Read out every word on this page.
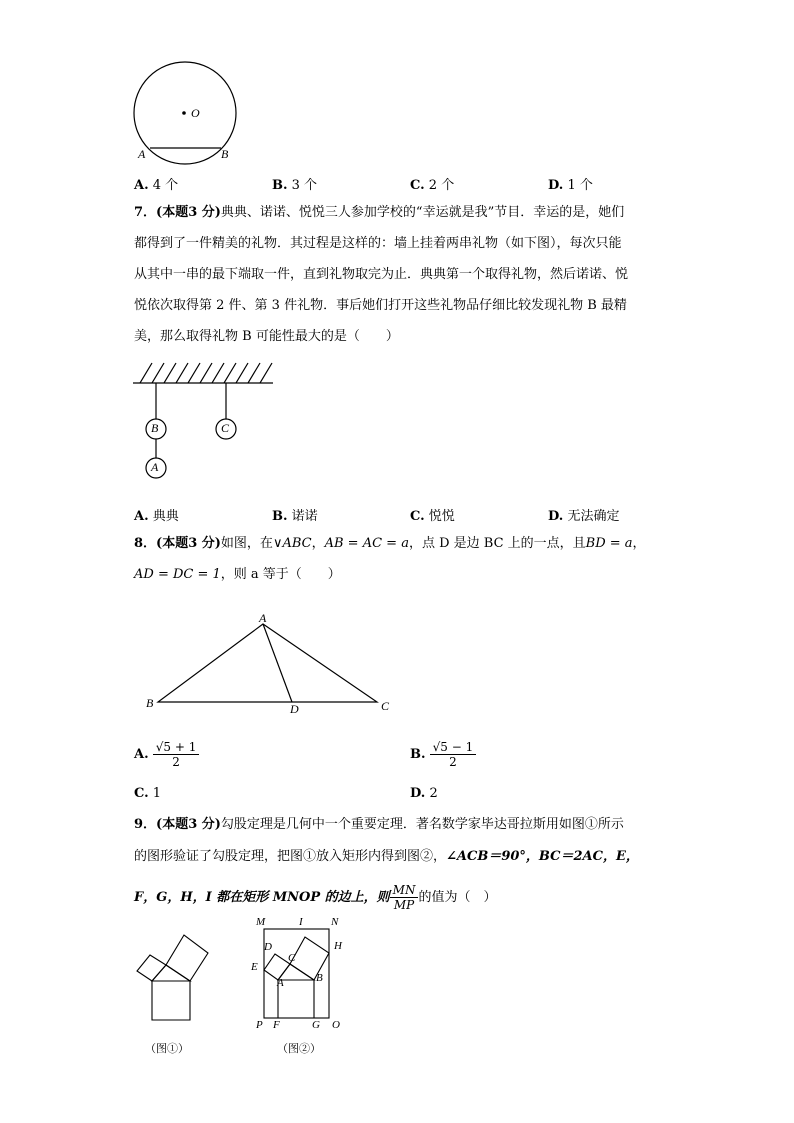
O
A	B
A. 4 个	B. 3 个	C. 2 个	D. 1 个
7．(本题3 分)典典、诺诺、悦悦三人参加学校的“幸运就是我”节目．幸运的是，她们
都得到了一件精美的礼物．其过程是这样的：墙上挂着两串礼物（如下图），每次只能
从其中一串的最下端取一件，直到礼物取完为止．典典第一个取得礼物，然后诺诺、悦
悦依次取得第 2 件、第 3 件礼物．事后她们打开这些礼物品仔细比较发现礼物 B 最精
美，那么取得礼物 B 可能性最大的是（　　）
B	C
A
A. 典典	B. 诺诺	C. 悦悦	D. 无法确定
8．(本题3 分)如图，在∨ABC，AB = AC = a，点 D 是边 BC 上的一点，且BD = a，
AD = DC = 1，则 a 等于（　　）
A
B	D	C
A. $\frac{√5 + 1}{2}$	B. $\frac{√5 - 1}{2}$
C. 1	D. 2
9．(本题3 分)勾股定理是几何中一个重要定理．著名数学家毕达哥拉斯用如图①所示
的图形验证了勾股定理，把图①放入矩形内得到图②，∠ACB＝90°，BC＝2AC，E，
F，G，H，I 都在矩形 MNOP 的边上，则 $\frac{MN}{MP}$ 的值为（　）
M	I	N
D	H
E
C
A	B
P F	G O
（图①）	（图②）
